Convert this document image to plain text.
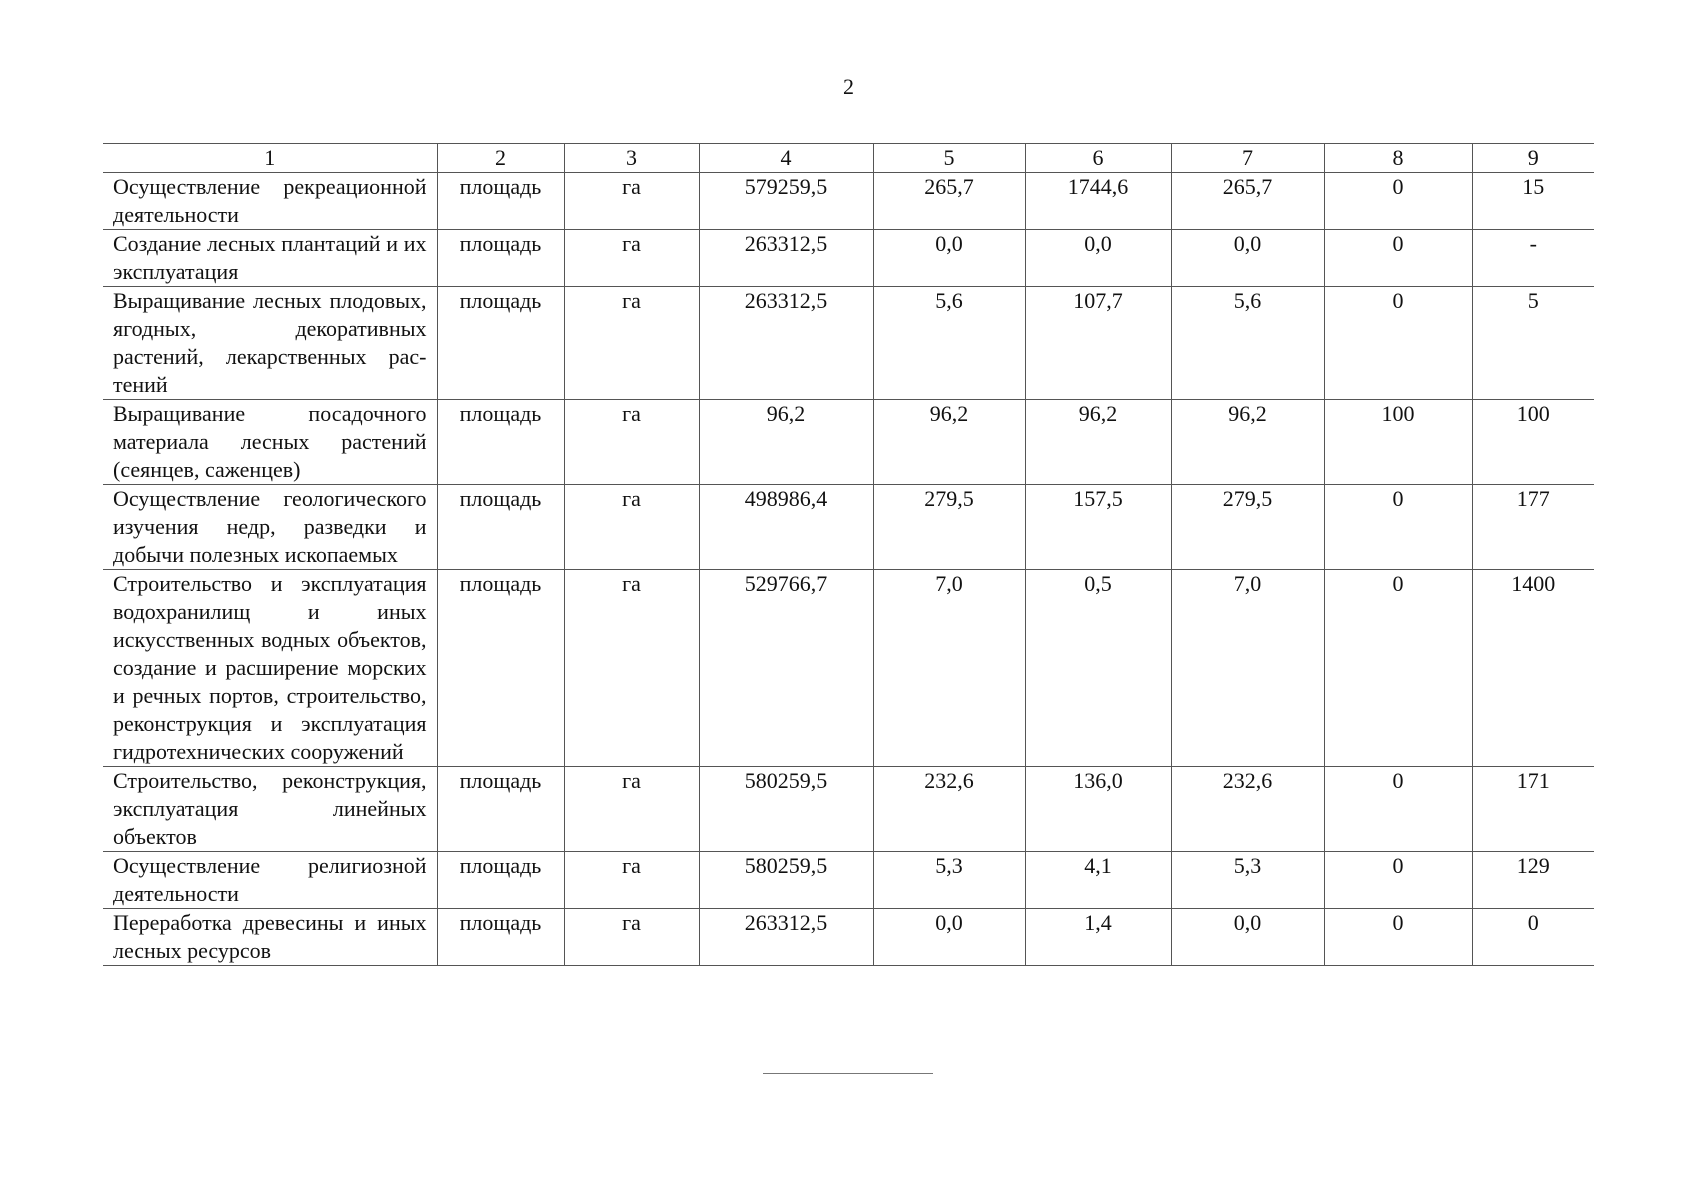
2
1	2	3	4	5	6	7	8	9
Осуществление рекреационной деятельности	площадь	га	579259,5	265,7	1744,6	265,7	0	15
Создание лесных плантаций и их эксплуатация	площадь	га	263312,5	0,0	0,0	0,0	0	-
Выращивание лесных плодовых, ягодных, декоративных растений, лекарственных растений	площадь	га	263312,5	5,6	107,7	5,6	0	5
Выращивание посадочного материала лесных растений (сеянцев, саженцев)	площадь	га	96,2	96,2	96,2	96,2	100	100
Осуществление геологического изучения недр, разведки и добычи полезных ископаемых	площадь	га	498986,4	279,5	157,5	279,5	0	177
Строительство и эксплуатация водохранилищ и иных искусственных водных объектов, создание и расширение морских и речных портов, строительство, реконструкция и эксплуатация гидротехнических сооружений	площадь	га	529766,7	7,0	0,5	7,0	0	1400
Строительство, реконструкция, эксплуатация линейных объектов	площадь	га	580259,5	232,6	136,0	232,6	0	171
Осуществление религиозной деятельности	площадь	га	580259,5	5,3	4,1	5,3	0	129
Переработка древесины и иных лесных ресурсов	площадь	га	263312,5	0,0	1,4	0,0	0	0
